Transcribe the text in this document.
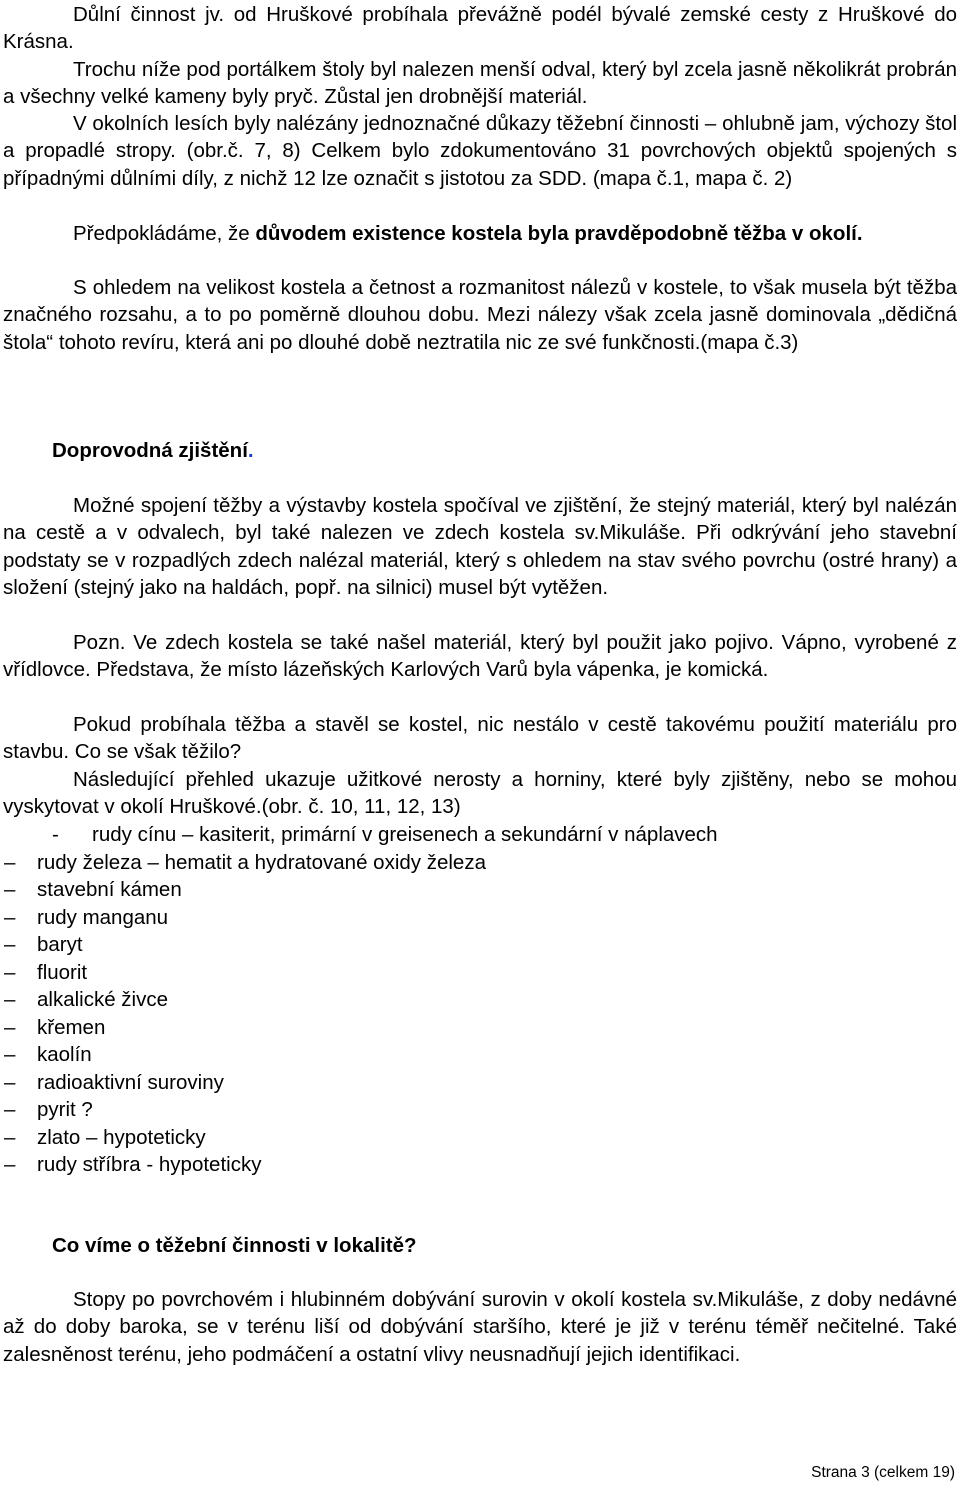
Důlní činnost jv. od Hruškové probíhala převážně podél bývalé zemské cesty z Hruškové do Krásna.

Trochu níže pod portálkem štoly byl nalezen menší odval, který byl zcela jasně několikrát probrán a všechny velké kameny byly pryč. Zůstal jen drobnější materiál.

V okolních lesích byly nalézány jednoznačné důkazy těžební činnosti – ohlubně jam, výchozy štol a propadlé stropy. (obr.č. 7, 8) Celkem bylo zdokumentováno 31 povrchových objektů spojených s případnými důlními díly, z nichž 12 lze označit s jistotou za SDD. (mapa č.1, mapa č. 2)

Předpokládáme, že důvodem existence kostela byla pravděpodobně těžba v okolí.

S ohledem na velikost kostela a četnost a rozmanitost nálezů v kostele, to však musela být těžba značného rozsahu, a to po poměrně dlouhou dobu. Mezi nálezy však zcela jasně dominovala „dědičná štola“ tohoto revíru, která ani po dlouhé době neztratila nic ze své funkčnosti.(mapa č.3)

Doprovodná zjištění.

Možné spojení těžby a výstavby kostela spočíval ve zjištění, že stejný materiál, který byl nalézán na cestě a v odvalech, byl také nalezen ve zdech kostela sv.Mikuláše. Při odkrývání jeho stavební podstaty se v rozpadlých zdech nalézal materiál, který s ohledem na stav svého povrchu (ostré hrany) a složení (stejný jako na haldách, popř. na silnici) musel být vytěžen.

Pozn. Ve zdech kostela se také našel materiál, který byl použit jako pojivo. Vápno, vyrobené z vřídlovce. Představa, že místo lázeňských Karlových Varů byla vápenka, je komická.

Pokud probíhala těžba a stavěl se kostel, nic nestálo v cestě takovému použití materiálu pro stavbu. Co se však těžilo?

Následující přehled ukazuje užitkové nerosty a horniny, které byly zjištěny, nebo se mohou vyskytovat v okolí Hruškové.(obr. č. 10, 11, 12, 13)

- rudy cínu – kasiterit, primární v greisenech a sekundární v náplavech
– rudy železa – hematit a hydratované oxidy železa
– stavební kámen
– rudy manganu
– baryt
– fluorit
– alkalické živce
– křemen
– kaolín
– radioaktivní suroviny
– pyrit ?
– zlato – hypoteticky
– rudy stříbra - hypoteticky
Co víme o těžební činnosti v lokalitě?

Stopy po povrchovém i hlubinném dobývání surovin v okolí kostela sv.Mikuláše, z doby nedávné až do doby baroka, se v terénu liší od dobývání staršího, které je již v terénu téměř nečitelné. Také zalesněnost terénu, jeho podmáčení a ostatní vlivy neusnadňují jejich identifikaci.

Strana 3 (celkem 19)
